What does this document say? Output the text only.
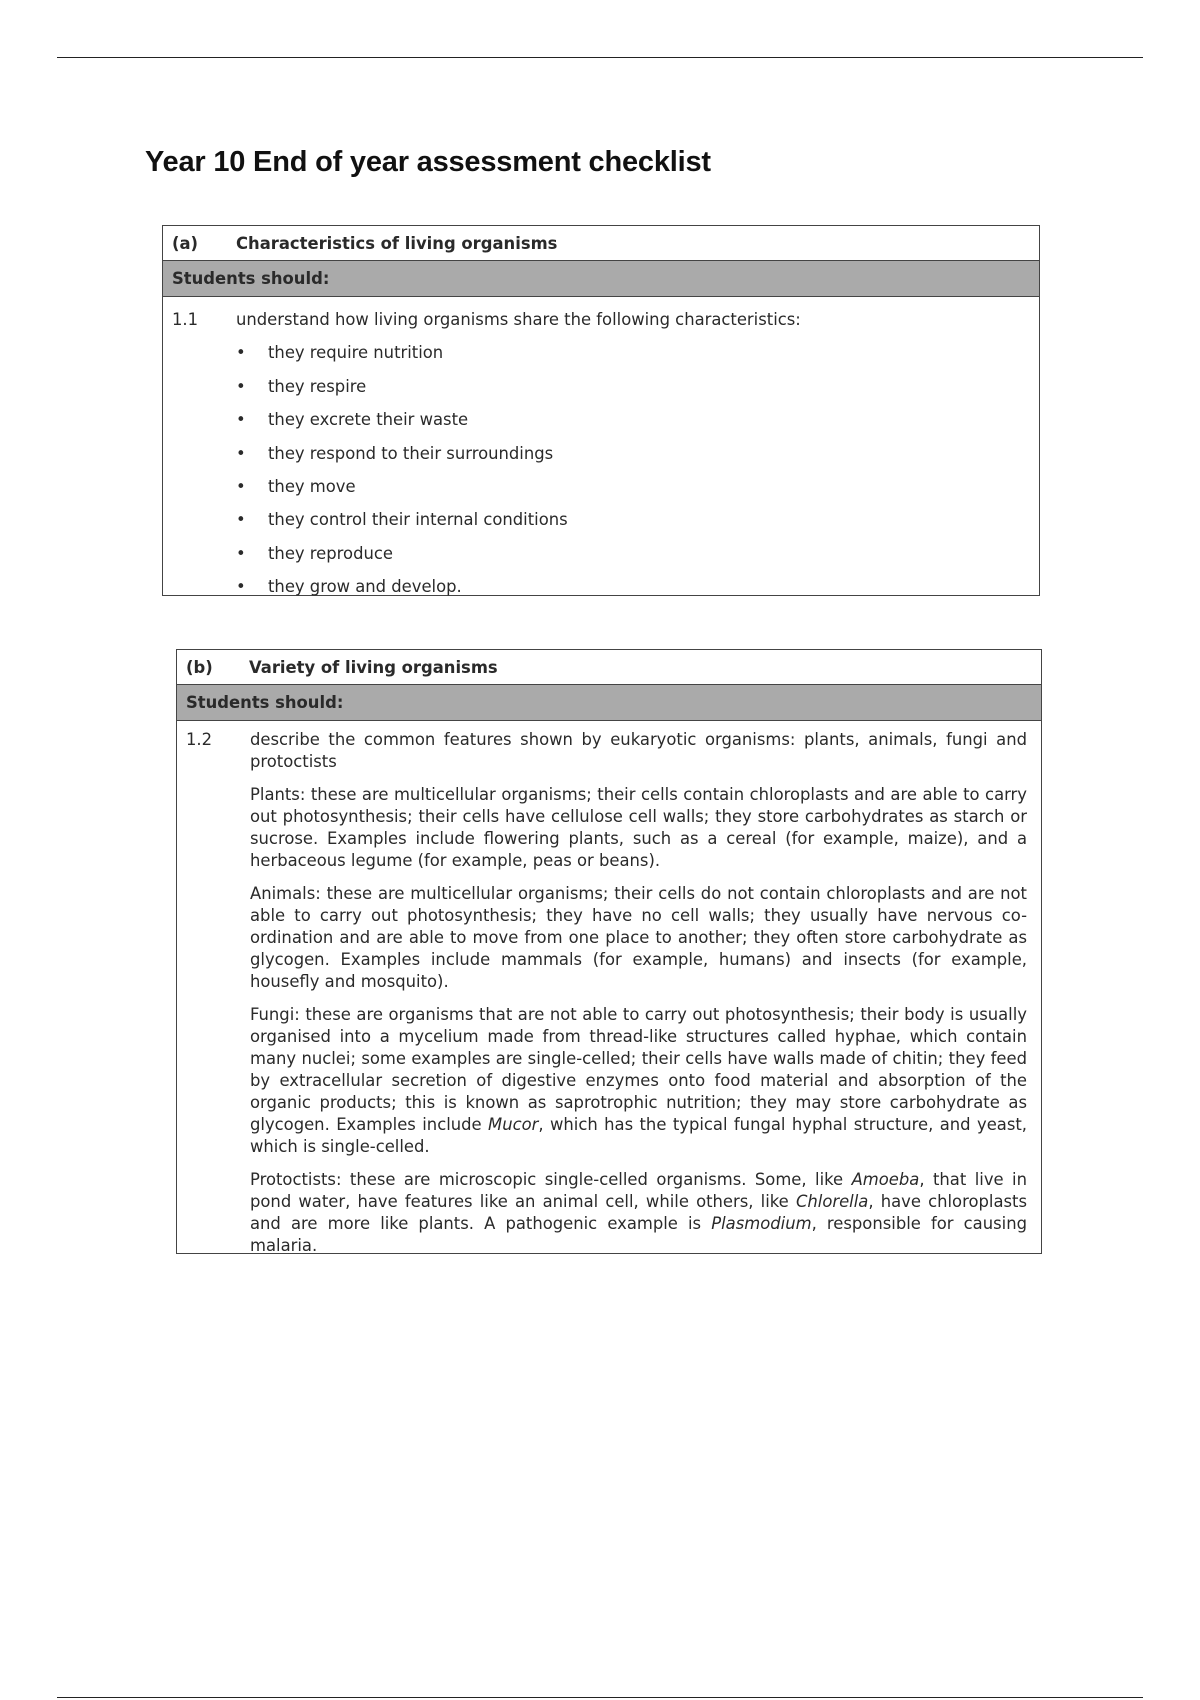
Year 10 End of year assessment checklist
(a)	Characteristics of living organisms
Students should:
1.1 understand how living organisms share the following characteristics:
• they require nutrition
• they respire
• they excrete their waste
• they respond to their surroundings
• they move
• they control their internal conditions
• they reproduce
• they grow and develop.
(b)	Variety of living organisms
Students should:
1.2 describe the common features shown by eukaryotic organisms: plants, animals, fungi and protoctists

Plants: these are multicellular organisms; their cells contain chloroplasts and are able to carry out photosynthesis; their cells have cellulose cell walls; they store carbohydrates as starch or sucrose. Examples include flowering plants, such as a cereal (for example, maize), and a herbaceous legume (for example, peas or beans).

Animals: these are multicellular organisms; their cells do not contain chloroplasts and are not able to carry out photosynthesis; they have no cell walls; they usually have nervous co-ordination and are able to move from one place to another; they often store carbohydrate as glycogen. Examples include mammals (for example, humans) and insects (for example, housefly and mosquito).

Fungi: these are organisms that are not able to carry out photosynthesis; their body is usually organised into a mycelium made from thread-like structures called hyphae, which contain many nuclei; some examples are single-celled; their cells have walls made of chitin; they feed by extracellular secretion of digestive enzymes onto food material and absorption of the organic products; this is known as saprotrophic nutrition; they may store carbohydrate as glycogen. Examples include Mucor, which has the typical fungal hyphal structure, and yeast, which is single-celled.

Protoctists: these are microscopic single-celled organisms. Some, like Amoeba, that live in pond water, have features like an animal cell, while others, like Chlorella, have chloroplasts and are more like plants. A pathogenic example is Plasmodium, responsible for causing malaria.
